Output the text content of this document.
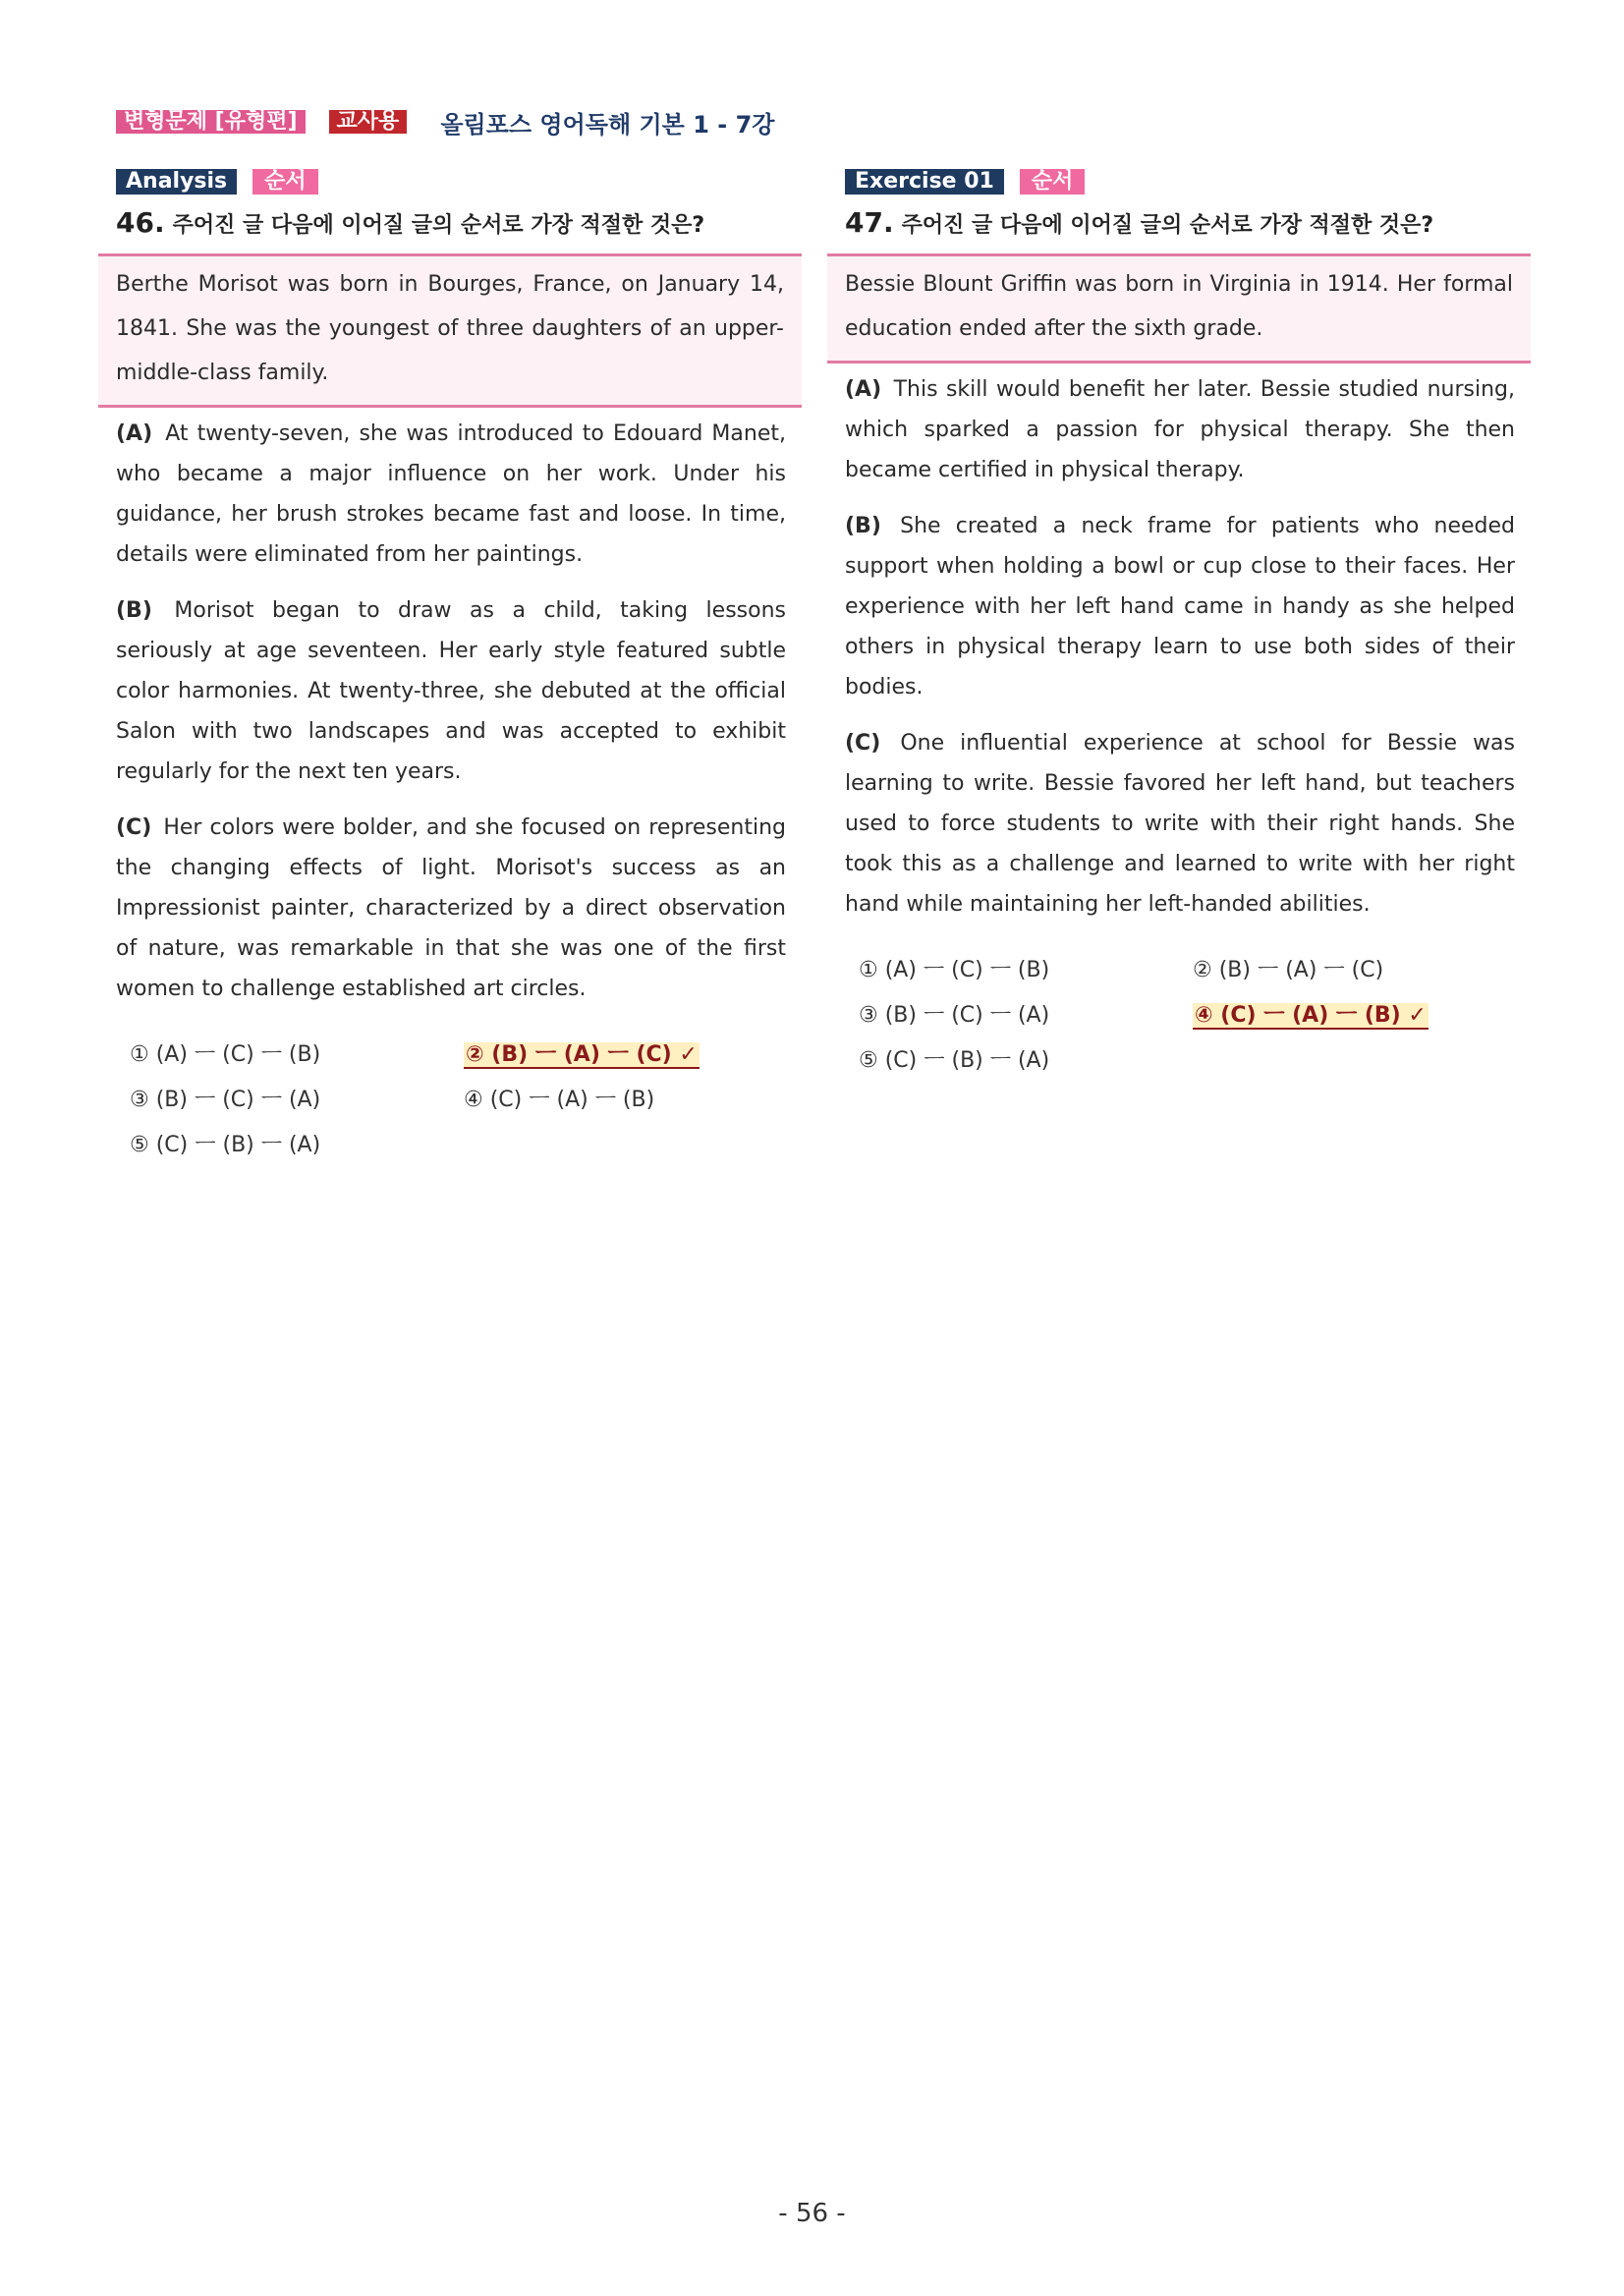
변형문제 [유형편]	교사용	올림포스 영어독해 기본 1 - 7강
Analysis	순서
46. 주어진 글 다음에 이어질 글의 순서로 가장 적절한 것은?
Berthe Morisot was born in Bourges, France, on January 14, 1841. She was the youngest of three daughters of an upper-middle-class family.
(A) At twenty-seven, she was introduced to Edouard Manet, who became a major influence on her work. Under his guidance, her brush strokes became fast and loose. In time, details were eliminated from her paintings.
(B) Morisot began to draw as a child, taking lessons seriously at age seventeen. Her early style featured subtle color harmonies. At twenty-three, she debuted at the official Salon with two landscapes and was accepted to exhibit regularly for the next ten years.
(C) Her colors were bolder, and she focused on representing the changing effects of light. Morisot's success as an Impressionist painter, characterized by a direct observation of nature, was remarkable in that she was one of the first women to challenge established art circles.
① (A) ㅡ (C) ㅡ (B)	② (B) ㅡ (A) ㅡ (C) ✓
③ (B) ㅡ (C) ㅡ (A)	④ (C) ㅡ (A) ㅡ (B)
⑤ (C) ㅡ (B) ㅡ (A)
Exercise 01	순서
47. 주어진 글 다음에 이어질 글의 순서로 가장 적절한 것은?
Bessie Blount Griffin was born in Virginia in 1914. Her formal education ended after the sixth grade.
(A) This skill would benefit her later. Bessie studied nursing, which sparked a passion for physical therapy. She then became certified in physical therapy.
(B) She created a neck frame for patients who needed support when holding a bowl or cup close to their faces. Her experience with her left hand came in handy as she helped others in physical therapy learn to use both sides of their bodies.
(C) One influential experience at school for Bessie was learning to write. Bessie favored her left hand, but teachers used to force students to write with their right hands. She took this as a challenge and learned to write with her right hand while maintaining her left-handed abilities.
① (A) ㅡ (C) ㅡ (B)	② (B) ㅡ (A) ㅡ (C)
③ (B) ㅡ (C) ㅡ (A)	④ (C) ㅡ (A) ㅡ (B) ✓
⑤ (C) ㅡ (B) ㅡ (A)
- 56 -
